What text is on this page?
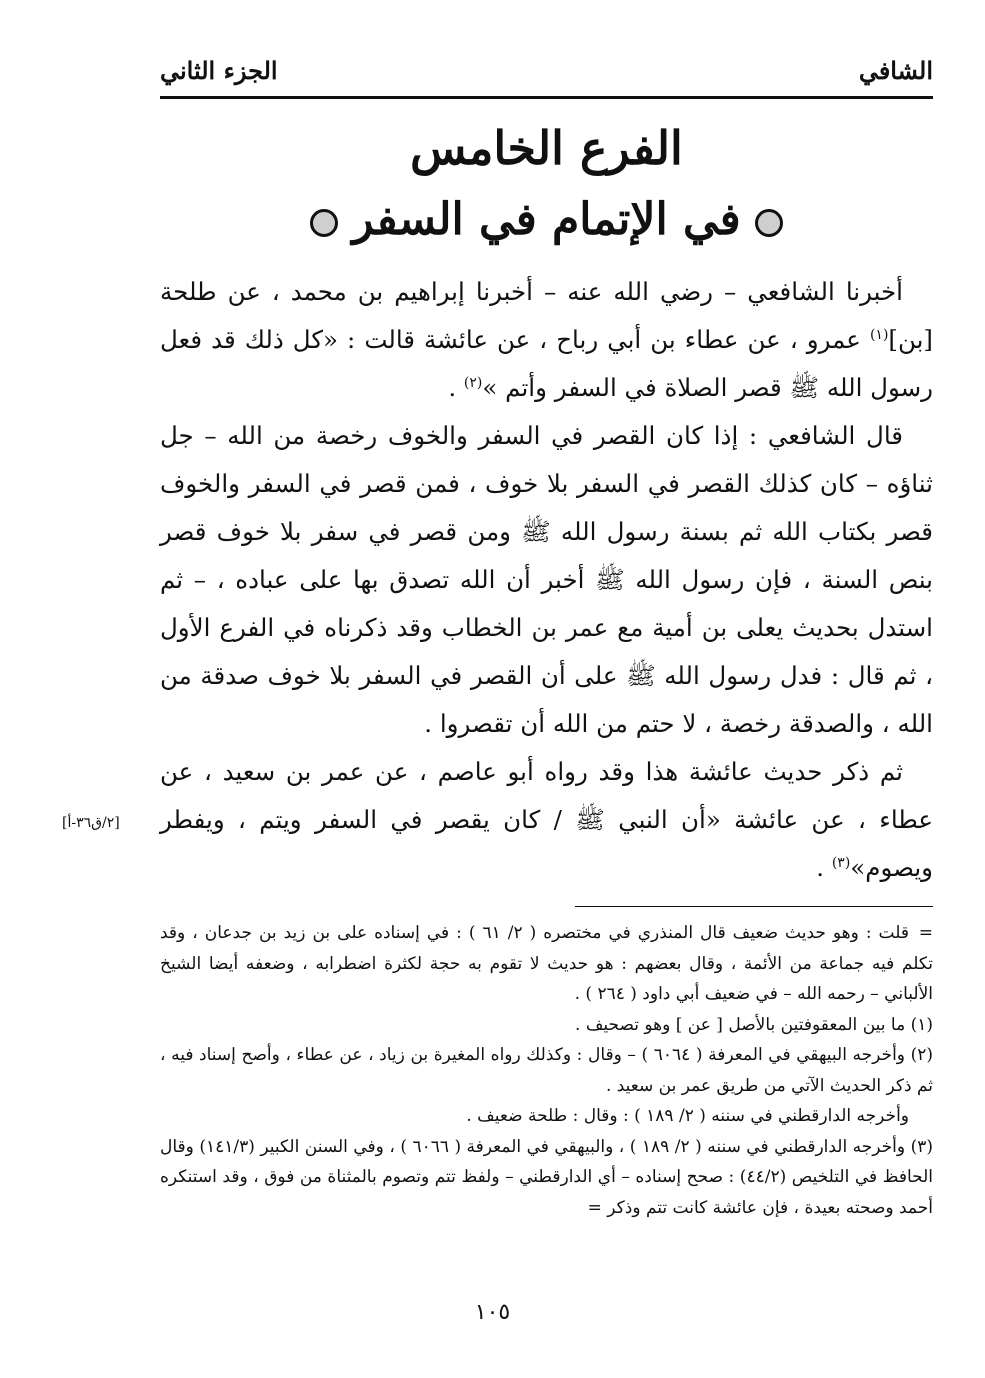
الشافي
الجزء الثاني
الفرع الخامس
في الإتمام في السفر

أخبرنا الشافعي – رضي الله عنه – أخبرنا إبراهيم بن محمد ، عن طلحة [بن]$^{(١)}$ عمرو ، عن عطاء بن أبي رباح ، عن عائشة قالت : «كل ذلك قد فعل رسول الله ﷺ قصر الصلاة في السفر وأتم »$^{(٢)}$ .

قال الشافعي : إذا كان القصر في السفر والخوف رخصة من الله – جل ثناؤه – كان كذلك القصر في السفر بلا خوف ، فمن قصر في السفر والخوف قصر بكتاب الله ثم بسنة رسول الله ﷺ ومن قصر في سفر بلا خوف قصر بنص السنة ، فإن رسول الله ﷺ أخبر أن الله تصدق بها على عباده ، – ثم استدل بحديث يعلى بن أمية مع عمر بن الخطاب وقد ذكرناه في الفرع الأول ، ثم قال : فدل رسول الله ﷺ على أن القصر في السفر بلا خوف صدقة من الله ، والصدقة رخصة ، لا حتم من الله أن تقصروا .

ثم ذكر حديث عائشة هذا وقد رواه أبو عاصم ، عن عمر بن سعيد ، عن عطاء ، عن عائشة «أن النبي ﷺ / كان يقصر في السفر ويتم ، ويفطر ويصوم»$^{(٣)}$ .

[٢/ق٣٦-أ]

=قلت : وهو حديث ضعيف قال المنذري في مختصره ( ٢/ ٦١ ) : في إسناده على بن زيد بن جدعان ، وقد تكلم فيه جماعة من الأئمة ، وقال بعضهم : هو حديث لا تقوم به حجة لكثرة اضطرابه ، وضعفه أيضا الشيخ الألباني – رحمه الله – في ضعيف أبي داود ( ٢٦٤ ) .

(١) ما بين المعقوفتين بالأصل [ عن ] وهو تصحيف .

(٢) وأخرجه البيهقي في المعرفة ( ٦٠٦٤ ) – وقال : وكذلك رواه المغيرة بن زياد ، عن عطاء ، وأصح إسناد فيه ، ثم ذكر الحديث الآتي من طريق عمر بن سعيد .

وأخرجه الدارقطني في سننه ( ٢/ ١٨٩ ) : وقال : طلحة ضعيف .

(٣) وأخرجه الدارقطني في سننه ( ٢/ ١٨٩ ) ، والبيهقي في المعرفة ( ٦٠٦٦ ) ، وفي السنن الكبير (١٤١/٣) وقال الحافظ في التلخيص (٤٤/٢) : صحح إسناده – أي الدارقطني – ولفظ تتم وتصوم بالمثناة من فوق ، وقد استنكره أحمد وصحته بعيدة ، فإن عائشة كانت تتم وذكر =

١٠٥
